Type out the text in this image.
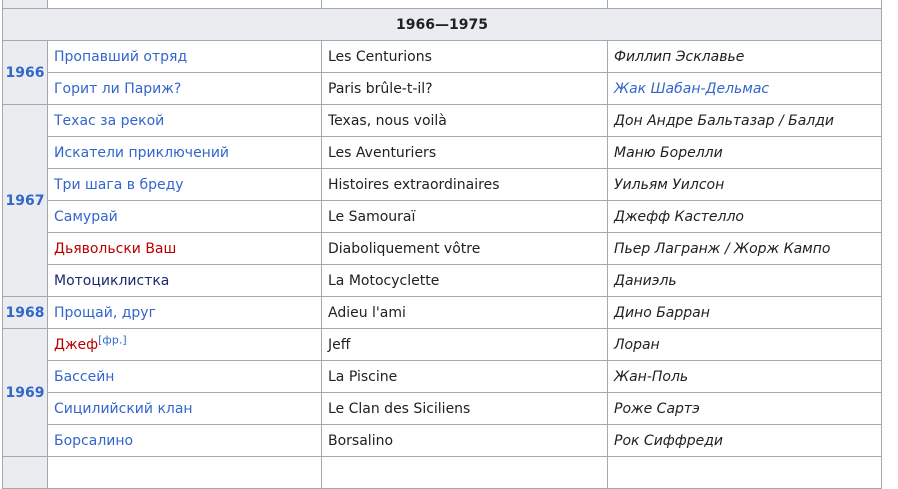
1966—1975			
1966	Пропавший отряд	Les Centurions	Филлип Эсклавье
	Горит ли Париж?	Paris brûle-t-il?	Жак Шабан-Дельмас
1967	Техас за рекой	Texas, nous voilà	Дон Андре Бальтазар / Балди
	Искатели приключений	Les Aventuriers	Маню Борелли
	Три шага в бреду	Histoires extraordinaires	Уильям Уилсон
	Самурай	Le Samouraï	Джефф Кастелло
	Дьявольски Ваш	Diaboliquement vôtre	Пьер Лагранж / Жорж Кампо
	Мотоциклистка	La Motocyclette	Даниэль
1968	Прощай, друг	Adieu l'ami	Дино Барран
1969	Джеф[фр.]	Jeff	Лоран
	Бассейн	La Piscine	Жан-Поль
	Сицилийский клан	Le Clan des Siciliens	Роже Сартэ
	Борсалино	Borsalino	Рок Сиффреди
